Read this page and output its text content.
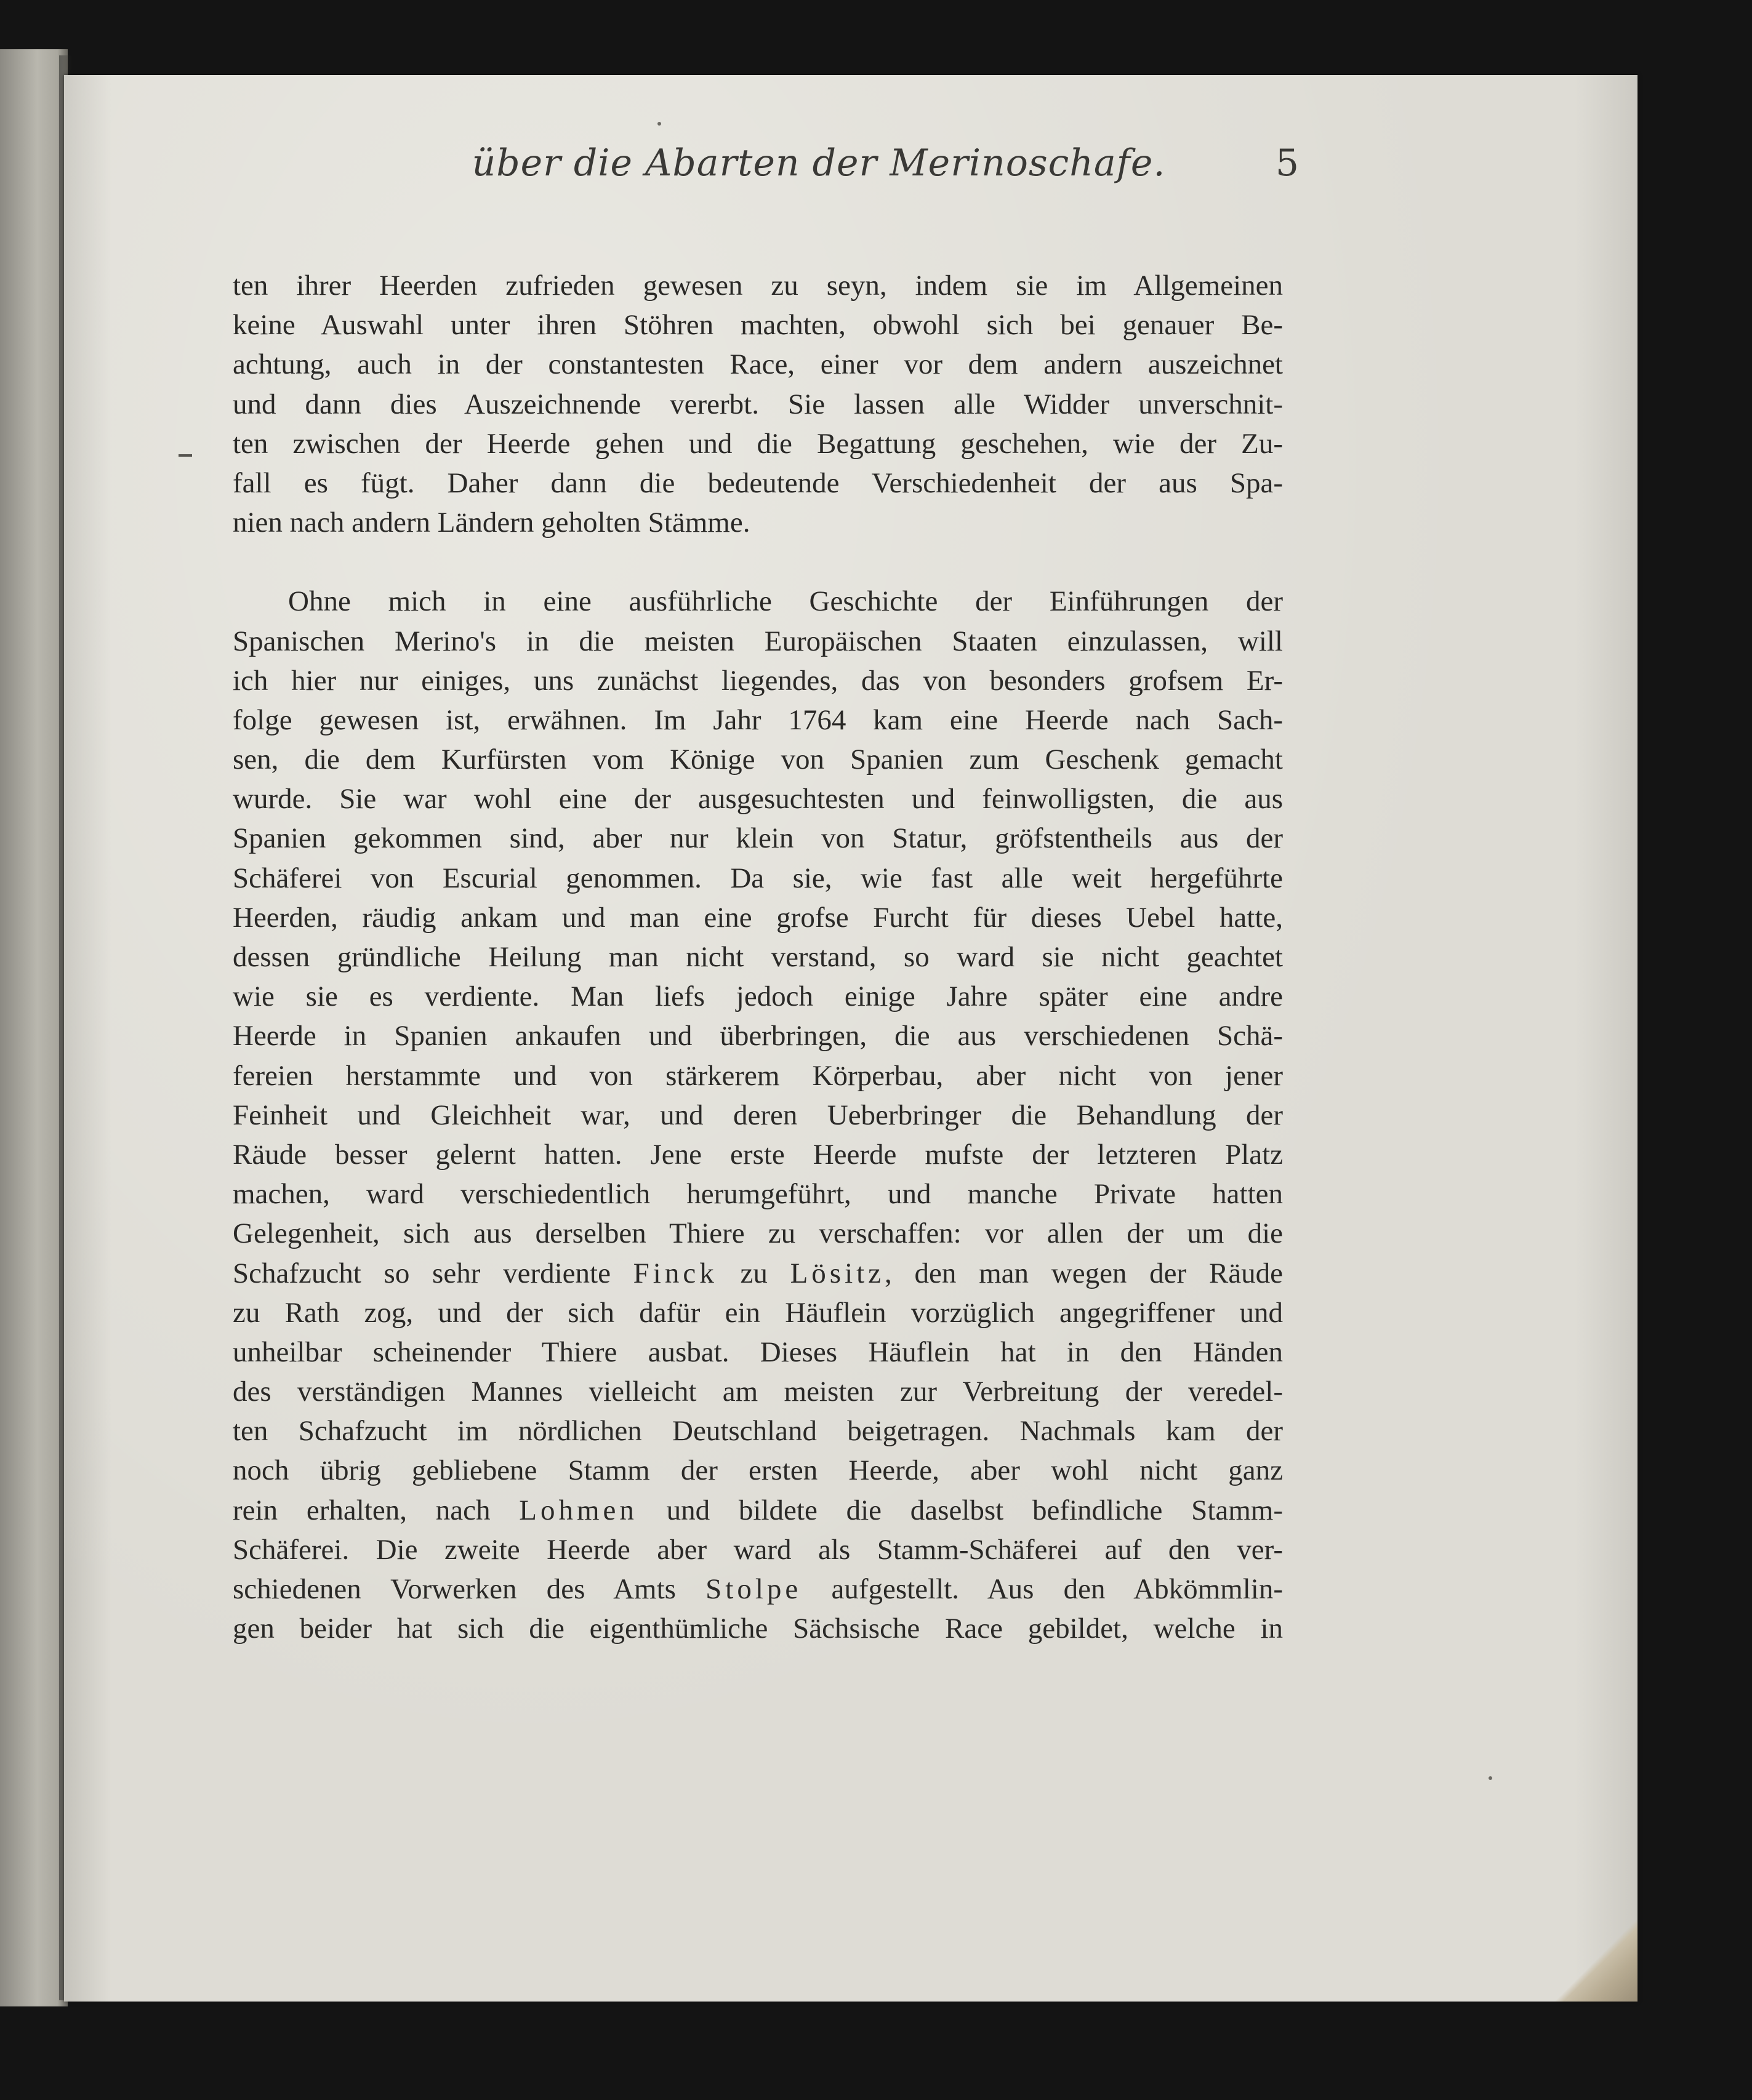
über die Abarten der Merinoschafe.	5
ten ihrer Heerden zufrieden gewesen zu seyn, indem sie im Allgemeinen
keine Auswahl unter ihren Stöhren machten, obwohl sich bei genauer Be-
achtung, auch in der constantesten Race, einer vor dem andern auszeichnet
und dann dies Auszeichnende vererbt. Sie lassen alle Widder unverschnit-
ten zwischen der Heerde gehen und die Begattung geschehen, wie der Zu-
fall es fügt. Daher dann die bedeutende Verschiedenheit der aus Spa-
nien nach andern Ländern geholten Stämme.
Ohne mich in eine ausführliche Geschichte der Einführungen der
Spanischen Merino's in die meisten Europäischen Staaten einzulassen, will
ich hier nur einiges, uns zunächst liegendes, das von besonders grofsem Er-
folge gewesen ist, erwähnen. Im Jahr 1764 kam eine Heerde nach Sach-
sen, die dem Kurfürsten vom Könige von Spanien zum Geschenk gemacht
wurde. Sie war wohl eine der ausgesuchtesten und feinwolligsten, die aus
Spanien gekommen sind, aber nur klein von Statur, gröfstentheils aus der
Schäferei von Escurial genommen. Da sie, wie fast alle weit hergeführte
Heerden, räudig ankam und man eine grofse Furcht für dieses Uebel hatte,
dessen gründliche Heilung man nicht verstand, so ward sie nicht geachtet
wie sie es verdiente. Man liefs jedoch einige Jahre später eine andre
Heerde in Spanien ankaufen und überbringen, die aus verschiedenen Schä-
fereien herstammte und von stärkerem Körperbau, aber nicht von jener
Feinheit und Gleichheit war, und deren Ueberbringer die Behandlung der
Räude besser gelernt hatten. Jene erste Heerde mufste der letzteren Platz
machen, ward verschiedentlich herumgeführt, und manche Private hatten
Gelegenheit, sich aus derselben Thiere zu verschaffen: vor allen der um die
Schafzucht so sehr verdiente Finck zu Lösitz, den man wegen der Räude
zu Rath zog, und der sich dafür ein Häuflein vorzüglich angegriffener und
unheilbar scheinender Thiere ausbat. Dieses Häuflein hat in den Händen
des verständigen Mannes vielleicht am meisten zur Verbreitung der veredel-
ten Schafzucht im nördlichen Deutschland beigetragen. Nachmals kam der
noch übrig gebliebene Stamm der ersten Heerde, aber wohl nicht ganz
rein erhalten, nach Lohmen und bildete die daselbst befindliche Stamm-
Schäferei. Die zweite Heerde aber ward als Stamm-Schäferei auf den ver-
schiedenen Vorwerken des Amts Stolpe aufgestellt. Aus den Abkömmlin-
gen beider hat sich die eigenthümliche Sächsische Race gebildet, welche in
